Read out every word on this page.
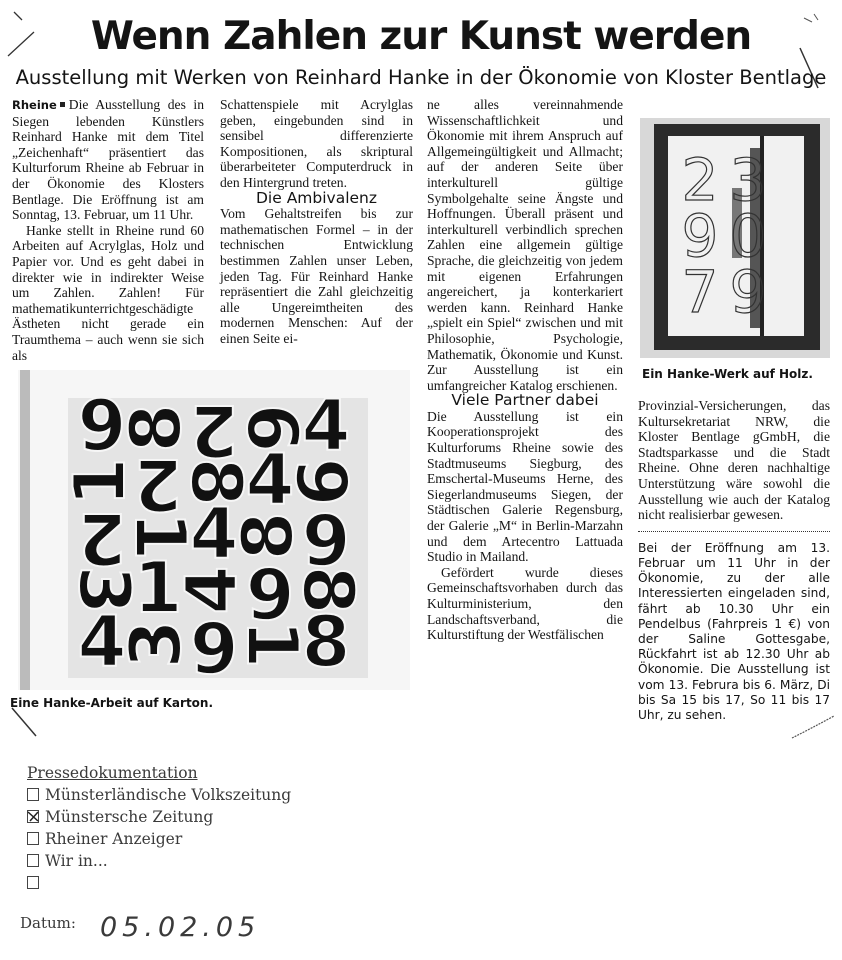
Wenn Zahlen zur Kunst werden
Ausstellung mit Werken von Reinhard Hanke in der Ökonomie von Kloster Bentlage

Rheine Die Ausstellung des in Siegen lebenden Künstlers Reinhard Hanke mit dem Titel „Zeichenhaft“ präsentiert das Kulturforum Rheine ab Februar in der Ökonomie des Klosters Bentlage. Die Eröffnung ist am Sonntag, 13. Februar, um 11 Uhr.

Hanke stellt in Rheine rund 60 Arbeiten auf Acrylglas, Holz und Papier vor. Und es geht dabei in direkter wie in indirekter Weise um Zahlen. Zahlen! Für mathematikunterrichtgeschädigte Ästheten nicht gerade ein Traumthema – auch wenn sie sich als

Schattenspiele mit Acrylglas geben, eingebunden sind in sensibel differenzierte Kompositionen, als skriptural überarbeiteter Computerdruck in den Hintergrund treten.

Die Ambivalenz

Vom Gehaltstreifen bis zur mathematischen Formel – in der technischen Entwicklung bestimmen Zahlen unser Leben, jeden Tag. Für Reinhard Hanke repräsentiert die Zahl gleichzeitig alle Ungereimtheiten des modernen Menschen: Auf der einen Seite ei-

ne alles vereinnahmende Wissenschaftlichkeit und Ökonomie mit ihrem Anspruch auf Allgemeingültigkeit und Allmacht; auf der anderen Seite über interkulturell gültige Symbolgehalte seine Ängste und Hoffnungen. Überall präsent und interkulturell verbindlich sprechen Zahlen eine allgemein gültige Sprache, die gleichzeitig von jedem mit eigenen Erfahrungen angereichert, ja konterkariert werden kann. Reinhard Hanke „spielt ein Spiel“ zwischen und mit Philosophie, Psychologie, Mathematik, Ökonomie und Kunst. Zur Ausstellung ist ein umfangreicher Katalog erschienen.

Viele Partner dabei

Die Ausstellung ist ein Kooperationsprojekt des Kulturforums Rheine sowie des Stadtmuseums Siegburg, des Emschertal-Museums Herne, des Siegerlandmuseums Siegen, der Städtischen Galerie Regensburg, der Galerie „M“ in Berlin-Marzahn und dem Artecentro Lattuada Studio in Mailand.

Gefördert wurde dieses Gemeinschaftsvorhaben durch das Kulturministerium, den Landschaftsverband, die Kulturstiftung der Westfälischen

2 3
9 0
7 9
Ein Hanke-Werk auf Holz.
9
8
2
6
4
1
2
8
4
6
2
1
4
8
6
3
1
4
6
8
4
3
6
1
8
Eine Hanke-Arbeit auf Karton.

Provinzial-Versicherungen, das Kultursekretariat NRW, die Kloster Bentlage gGmbH, die Stadtsparkasse und die Stadt Rheine. Ohne deren nachhaltige Unterstützung wäre sowohl die Ausstellung wie auch der Katalog nicht realisierbar gewesen.

Bei der Eröffnung am 13. Februar um 11 Uhr in der Ökonomie, zu der alle Interessierten eingeladen sind, fährt ab 10.30 Uhr ein Pendelbus (Fahrpreis 1 €) von der Saline Gottesgabe, Rückfahrt ist ab 12.30 Uhr ab Ökonomie. Die Ausstellung ist vom 13. Februra bis 6. März, Di bis Sa 15 bis 17, So 11 bis 17 Uhr, zu sehen.

Pressedokumentation
Münsterländische Volkszeitung
Münstersche Zeitung
Rheiner Anzeiger
Wir in...
Datum: 05.02.05
